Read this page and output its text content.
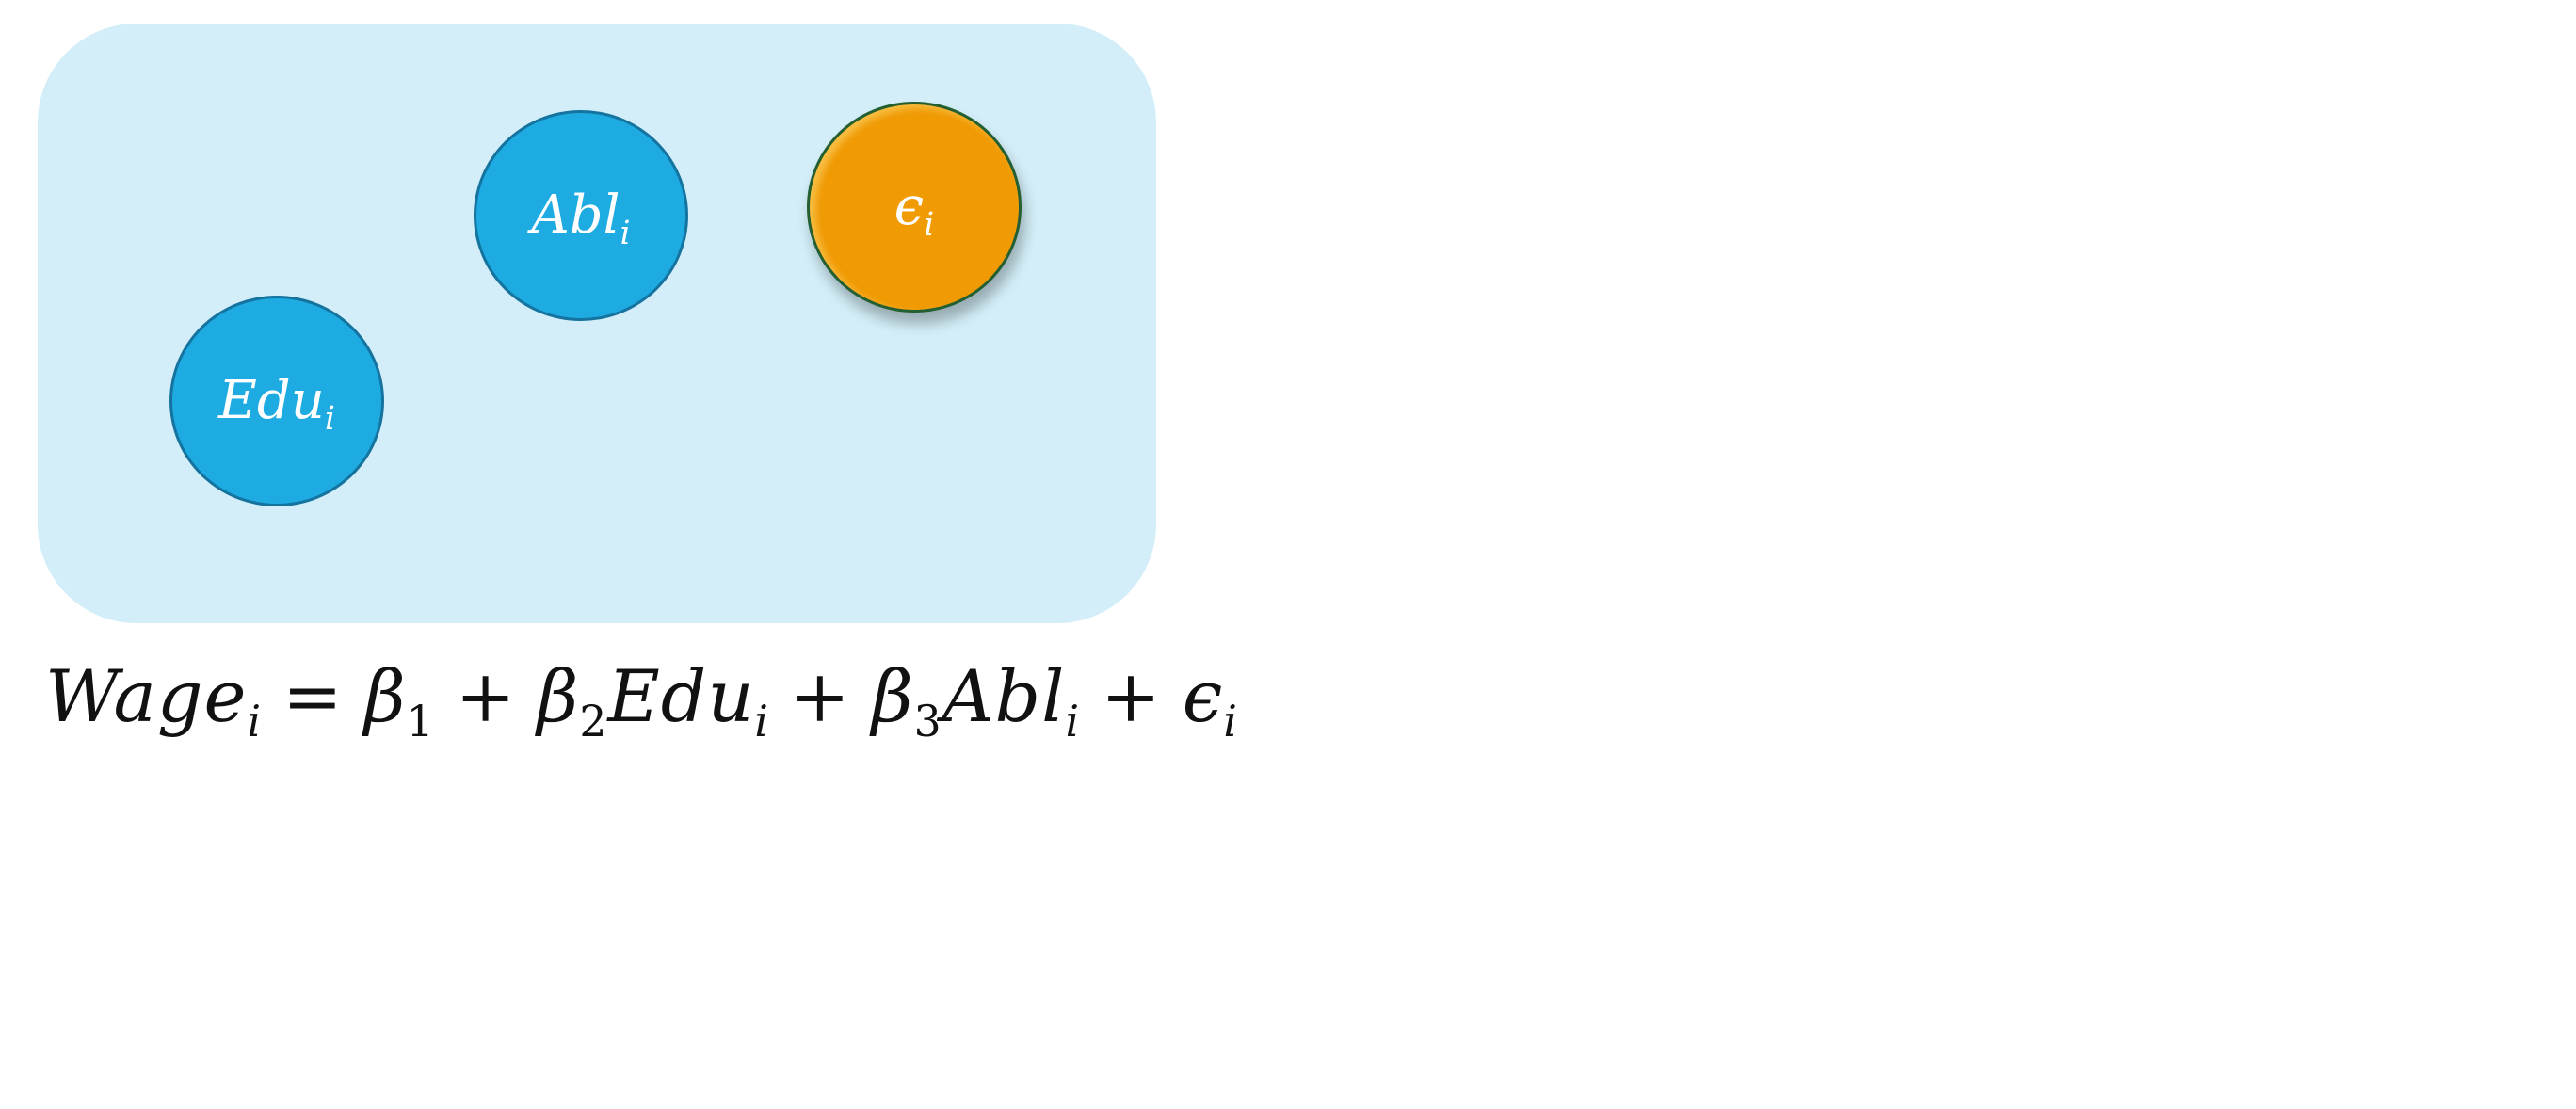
Abl$_i$	$\epsilon_i$
Edu$_i$
Wage$_i$ = $\beta_1 + \beta_2Edu_i + \beta_3Abl_i + \epsilon_i$
